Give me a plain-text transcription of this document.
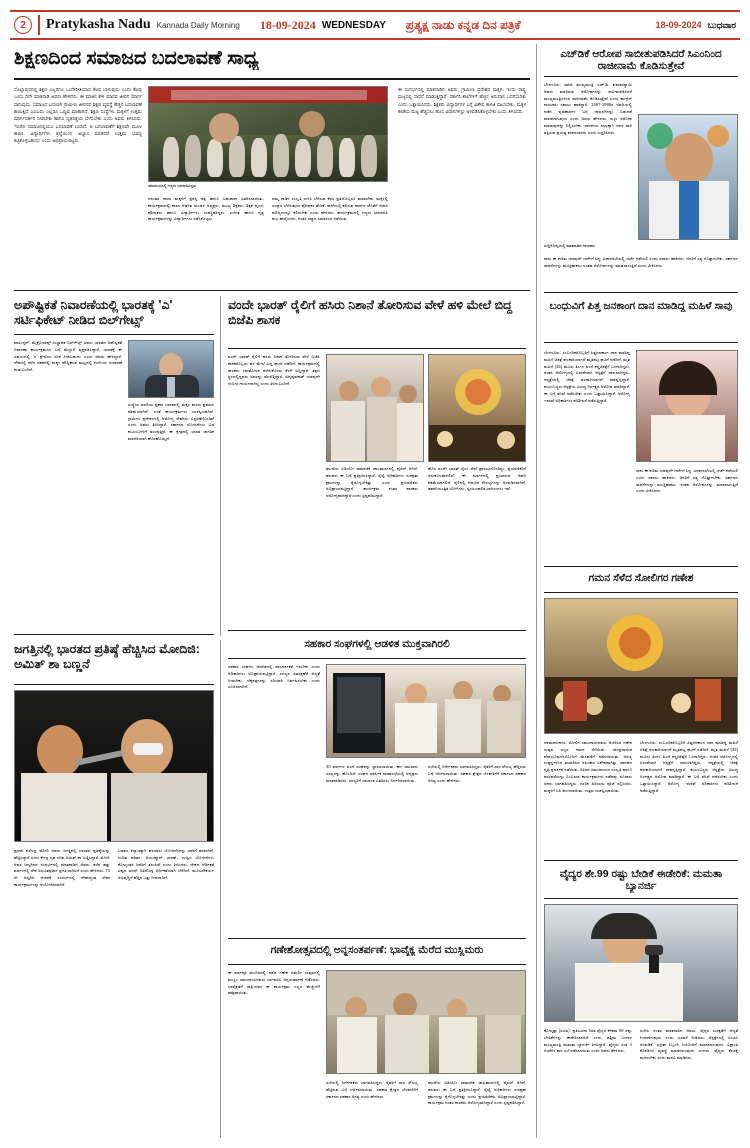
2	Pratykasha Nadu Kannada Daily Morning 18-09-2024 WEDNESDAY ಪ್ರತ್ಯಕ್ಷ ನಾಡು ಕನ್ನಡ ದಿನ ಪತ್ರಿಕೆ	18-09-2024 ಬುಧವಾರ
ಶಿಕ್ಷಣದಿಂದ ಸಮಾಜದ ಬದಲಾವಣೆ ಸಾಧ್ಯ
ಸೊಲ್ಲಾಪುರದಲ್ಲಿ ಶಿಕ್ಷಣ ಎಲ್ಲರಿಗೂ ಒಂದೇರೀತಿಯಾದ ಕೆಲವ ಬಾಳುವುದು ಎಂದು ಕೆಲವು ಒಂದು ದಿನೇ ಮಾತನಾಡಿ ಅವರು ಹೇಳಿದರು. ಈ ಮಾತಿನ ಕೇಳಿ ಮಾನವ ಜೀವನ ಮಾರ್ಗ ಸಾಗುವುದು. ಸಮಾಜದ ಬದಲಾಗಿ ಗ್ರಾಮೀಣ ಜೀವನದ ಶಿಕ್ಷಣ ವ್ಯವಸ್ಥೆ ಹೆಚ್ಚಿನ ಬದಲಾವಣೆ ಕಾಣುತ್ತಿದೆ ಎಂಬುದು ಎಲ್ಲರೂ ಒಪ್ಪುವ ಮಾತಾಗಿದೆ. ಶಿಕ್ಷಣ ಸಂಸ್ಥೆಗಳು ಮಕ್ಕಳಿಗೆ ಉತ್ತಮ ಮಾರ್ಗದರ್ಶನ ನೀಡಬೇಕು ಹಾಗೂ ದೃಢನಿಶ್ಚಯ ಬೆಳೆಸಬೇಕು ಎಂದು ಅವರು ತಿಳಿಸಿದರು. 'ಇಂದಿನ ಸಮಾಜದಲ್ಲಿಯೂ ಬದಲಾವಣೆ ಬಂದಿದೆ. ಆ ಬದಲಾವಣೆಗೆ ಶಿಕ್ಷಣವೇ ಮೂಲ ಕಾರಣ. ವಿದ್ಯಾರ್ಥಿಗಳು ಶ್ರದ್ಧೆಯಿಂದ ಅಭ್ಯಾಸ ಮಾಡಿದರೆ ಉತ್ತಮ ಭವಿಷ್ಯ ಕಟ್ಟಿಕೊಳ್ಳಬಹುದು' ಎಂದು ಅಭಿಪ್ರಾಯಪಟ್ಟರು.
ಸಮಾರಂಭದಲ್ಲಿ ಗಣ್ಯರು ಭಾಗವಹಿಸಿದ್ದರು
ಆನಂತರ ಶಾಲಾ ಮಕ್ಕಳಿಗೆ ಪ್ರಶಸ್ತಿ ಪತ್ರ ಹಾಗೂ ಬಹುಮಾನ ವಿತರಿಸಲಾಯಿತು. ಕಾರ್ಯಕ್ರಮದಲ್ಲಿ ಶಾಲಾ ಆಡಳಿತ ಮಂಡಳಿ ಅಧ್ಯಕ್ಷರು, ಮುಖ್ಯ ಶಿಕ್ಷಕರು, ಶಿಕ್ಷಕ ವೃಂದ, ಪೋಷಕರು ಹಾಗೂ ವಿದ್ಯಾರ್ಥಿಗಳು ಉಪಸ್ಥಿತರಿದ್ದರು. ಸಂಗೀತ ಹಾಗೂ ನೃತ್ಯ ಕಾರ್ಯಕ್ರಮಗಳನ್ನು ವಿದ್ಯಾರ್ಥಿಗಳು ನಡೆಸಿಕೊಟ್ಟರು.
ನಮ್ಮ ನಾಡಿನ ಸಂಸ್ಕೃತಿ ಉಳಿಸಿ ಬೆಳೆಸುವ ಕೆಲಸ ಪ್ರತಿಯೊಬ್ಬರೂ ಮಾಡಬೇಕು. ಮಕ್ಕಳಲ್ಲಿ ಸಂಸ್ಕಾರ ಬೆಳೆಸುವುದು ಪೋಷಕರ ಹೊಣೆ. ಶಾಲೆಯಲ್ಲಿ ಕಲಿಸುವ ಪಾಠಗಳ ಜೊತೆಗೆ ಜೀವನ ಮೌಲ್ಯಗಳನ್ನೂ ಕಲಿಸಬೇಕು ಎಂದು ಹೇಳಿದರು. ಕಾರ್ಯಕ್ರಮದಲ್ಲಿ ಗಣ್ಯರು ಭಾಗವಹಿಸಿ ಶುಭ ಹಾರೈಸಿದರು. ನಂತರ ಸನ್ಮಾನ ಸಮಾರಂಭ ನಡೆಯಿತು.
ಈ ಸಂದರ್ಭದಲ್ಲಿ ಮಾತನಾಡಿದ ಅವರು, ಗ್ರಾಮೀಣ ಪ್ರದೇಶದ ಮಕ್ಕಳು ಇಂದು ರಾಷ್ಟ್ರ ಮಟ್ಟದಲ್ಲಿ ಸಾಧನೆ ಮಾಡುತ್ತಿದ್ದಾರೆ. ಸರ್ಕಾರಿ ಶಾಲೆಗಳಿಗೆ ಹೆಚ್ಚಿನ ಅನುದಾನ ಒದಗಿಸಬೇಕು ಎಂದು ಒತ್ತಾಯಿಸಿದರು. ಶಿಕ್ಷಕರು ವಿದ್ಯಾರ್ಥಿಗಳ ಬಗ್ಗೆ ವಿಶೇಷ ಕಾಳಜಿ ವಹಿಸಬೇಕು. ಮಕ್ಕಳ ಕಲಿಕೆಯ ಮಟ್ಟ ಹೆಚ್ಚಿಸಲು ಹೊಸ ವಿಧಾನಗಳನ್ನು ಅಳವಡಿಸಿಕೊಳ್ಳಬೇಕು ಎಂದು ತಿಳಿಸಿದರು.
ಅಪೌಷ್ಟಿಕತೆ ನಿವಾರಣೆಯಲ್ಲಿ ಭಾರತಕ್ಕೆ 'ಎ' ಸರ್ಟಿಫಿಕೇಟ್ ನೀಡಿದ ಬಿಲ್‌ಗೇಟ್ಸ್
ವಾಷಿಂಗ್ಟನ್: ಮೈಕ್ರೋಸಾಫ್ಟ್ ಸಂಸ್ಥಾಪಕ ಬಿಲ್‌ಗೇಟ್ಸ್ ಅವರು ಭಾರತದ ಅಪೌಷ್ಟಿಕತೆ ನಿವಾರಣಾ ಕಾರ್ಯಕ್ರಮಗಳ ಬಗ್ಗೆ ಮೆಚ್ಚುಗೆ ವ್ಯಕ್ತಪಡಿಸಿದ್ದಾರೆ. ಭಾರತಕ್ಕೆ ಈ ವಿಷಯದಲ್ಲಿ 'ಎ' ಶ್ರೇಣಿಯ ಅಂಕ ನೀಡಬಹುದು ಎಂದು ಅವರು ಹೇಳಿದ್ದಾರೆ. ದೇಶದಲ್ಲಿ ಕಳೆದ ದಶಕದಲ್ಲಿ ಮಕ್ಕಳ ಪೌಷ್ಟಿಕಾಂಶ ಮಟ್ಟದಲ್ಲಿ ಗಣನೀಯ ಸುಧಾರಣೆ ಕಂಡುಬಂದಿದೆ.
ಸಂಸ್ಥೆಯ ವರದಿಯ ಪ್ರಕಾರ ಭಾರತದಲ್ಲಿ ಮಕ್ಕಳ ಮರಣ ಪ್ರಮಾಣ ಕಡಿಮೆಯಾಗಿದೆ. ಲಸಿಕೆ ಕಾರ್ಯಕ್ರಮಗಳು ಯಶಸ್ವಿಯಾಗಿವೆ. ಗ್ರಾಮೀಣ ಪ್ರದೇಶಗಳಲ್ಲಿ ಆರೋಗ್ಯ ಸೇವೆಗಳು ವಿಸ್ತರಣೆಗೊಂಡಿವೆ ಎಂದು ಅವರು ತಿಳಿಸಿದ್ದಾರೆ. ಸರ್ಕಾರದ ಯೋಜನೆಗಳು ಬಡ ಕುಟುಂಬಗಳಿಗೆ ತಲುಪುತ್ತಿವೆ. ಈ ಕ್ಷೇತ್ರದಲ್ಲಿ ಭಾರತ ಜಾಗತಿಕ ಮಾದರಿಯಾಗಿ ಹೊರಹೊಮ್ಮಿದೆ.
ವಂದೇ ಭಾರತ್ ರೈಲಿಗೆ ಹಸಿರು ನಿಶಾನೆ ತೋರಿಸುವ ವೇಳೆ ಹಳಿ ಮೇಲೆ ಬಿದ್ದ ಬಿಜೆಪಿ ಶಾಸಕ
ವಂದೇ ಭಾರತ್ ರೈಲಿಗೆ ಹಸಿರು ನಿಶಾನೆ ತೋರಿಸುವ ವೇಳೆ ಬಿಜೆಪಿ ಶಾಸಕರೊಬ್ಬರು ಹಳಿ ಮೇಲೆ ಬಿದ್ದ ಘಟನೆ ನಡೆದಿದೆ. ಕಾರ್ಯಕ್ರಮದಲ್ಲಿ ಶಾಸಕರು ಸಮತೋಲನ ಕಳೆದುಕೊಂಡು ಕೆಳಗೆ ಬಿದ್ದಿದ್ದಾರೆ. ತಕ್ಷಣ ಸ್ಥಳದಲ್ಲಿದ್ದವರು ಅವರನ್ನು ಮೇಲೆತ್ತಿದ್ದಾರೆ. ಅದೃಷ್ಟವಶಾತ್ ಯಾವುದೇ ಗಂಭೀರ ಗಾಯಗಳಾಗಿಲ್ಲ ಎಂದು ತಿಳಿದುಬಂದಿದೆ.
ಘಟನೆಯ ವಿಡಿಯೋ ಸಾಮಾಜಿಕ ಜಾಲತಾಣಗಳಲ್ಲಿ ವೈರಲ್ ಆಗಿದೆ. ಹಲವರು ಈ ಬಗ್ಗೆ ಪ್ರತಿಕ್ರಿಯಿಸಿದ್ದಾರೆ. ರೈಲ್ವೆ ಅಧಿಕಾರಿಗಳು ಸುರಕ್ಷತಾ ಕ್ರಮಗಳನ್ನು ಕೈಗೊಳ್ಳಬೇಕಿತ್ತು ಎಂದು ಪ್ರಯಾಣಿಕರು ಅಭಿಪ್ರಾಯಪಟ್ಟಿದ್ದಾರೆ. ಕಾರ್ಯಕ್ರಮ ನಂತರ ಶಾಸಕರು ಆರೋಗ್ಯವಾಗಿದ್ದಾರೆ ಎಂದು ಸ್ಪಷ್ಟಪಡಿಸಿದ್ದಾರೆ.
ಹೊಸ ವಂದೇ ಭಾರತ್ ರೈಲು ಸೇವೆ ಪ್ರಾರಂಭಗೊಂಡಿದ್ದು, ಪ್ರಯಾಣಿಕರಿಗೆ ಅನುಕೂಲವಾಗಲಿದೆ. ಈ ಮಾರ್ಗದಲ್ಲಿ ಪ್ರಯಾಣದ ಅವಧಿ ಕಡಿಮೆಯಾಗಲಿದೆ. ರೈಲಿನಲ್ಲಿ ಆಧುನಿಕ ಸೌಲಭ್ಯಗಳನ್ನು ಅಳವಡಿಸಲಾಗಿದೆ. ಹವಾನಿಯಂತ್ರಿತ ಬೋಗಿಗಳು, ಸ್ವಯಂಚಾಲಿತ ಬಾಗಿಲುಗಳು ಇವೆ.
ಸಹಕಾರ ಸಂಘಗಳಲ್ಲಿ ಆಡಳಿತ ಮುಕ್ತವಾಗಿರಲಿ
ಸಹಕಾರ ಸಂಘಗಳ ಆಡಳಿತದಲ್ಲಿ ಪಾರದರ್ಶಕತೆ ಇರಬೇಕು ಎಂದು ಅಧಿಕಾರಿಗಳು ಅಭಿಪ್ರಾಯಪಟ್ಟಿದ್ದಾರೆ. ಸದಸ್ಯರ ಹಿತರಕ್ಷಣೆಗೆ ಆದ್ಯತೆ ನೀಡಬೇಕು. ಲೆಕ್ಕಪತ್ರಗಳನ್ನು ಸರಿಯಾಗಿ ನಿರ್ವಹಿಸಬೇಕು ಎಂದು ಸೂಚಿಸಲಾಗಿದೆ.
40 ವರ್ಷಗಳ ಹಿಂದೆ ಸಂಘವನ್ನು ಸ್ಥಾಪಿಸಲಾಯಿತು. ಈಗ ಸಾವಿರಾರು ಸದಸ್ಯರನ್ನು ಹೊಂದಿದೆ. ಸಂಘದ ವಾರ್ಷಿಕ ಮಹಾಸಭೆಯಲ್ಲಿ ಅಧ್ಯಕ್ಷರು ಮಾತನಾಡಿದರು. ಸದಸ್ಯರಿಗೆ ಲಾಭಾಂಶ ವಿತರಿಸಲು ನಿರ್ಧರಿಸಲಾಯಿತು.
ಸಭೆಯಲ್ಲಿ ನಿರ್ದೇಶಕರು ಭಾಗವಹಿಸಿದ್ದರು. ರೈತರಿಗೆ ಸಾಲ ಸೌಲಭ್ಯ ಹೆಚ್ಚಿಸುವ ಬಗ್ಗೆ ಚರ್ಚಿಸಲಾಯಿತು. ಸಹಕಾರ ಕ್ಷೇತ್ರದ ಬೆಳವಣಿಗೆಗೆ ಸರ್ಕಾರದ ಸಹಕಾರ ಅಗತ್ಯ ಎಂದು ಹೇಳಿದರು.
ಜಗತ್ತಿನಲ್ಲಿ ಭಾರತದ ಪ್ರತಿಷ್ಠೆ ಹೆಚ್ಚಿಸಿದ ಮೋದಿಜಿ: ಅಮಿತ್ ಶಾ ಬಣ್ಣನೆ
ಪ್ರಧಾನಿ ನರೇಂದ್ರ ಮೋದಿ ಅವರು ಜಗತ್ತಿನಲ್ಲಿ ಭಾರತದ ಪ್ರತಿಷ್ಠೆಯನ್ನು ಹೆಚ್ಚಿಸಿದ್ದಾರೆ ಎಂದು ಕೇಂದ್ರ ಗೃಹ ಸಚಿವ ಅಮಿತ್ ಶಾ ಬಣ್ಣಿಸಿದ್ದಾರೆ. ಮೋದಿ ಅವರ ಜನ್ಮದಿನದ ಸಂದರ್ಭದಲ್ಲಿ ಮಾತನಾಡಿದ ಅವರು, ಕಳೆದ ಹತ್ತು ವರ್ಷಗಳಲ್ಲಿ ದೇಶ ಅಭೂತಪೂರ್ವ ಪ್ರಗತಿ ಸಾಧಿಸಿದೆ ಎಂದು ಹೇಳಿದರು. 74 ನೇ ಜನ್ಮದಿನ ಆಚರಣೆ ಸಂದರ್ಭದಲ್ಲಿ ದೇಶಾದ್ಯಂತ ಸೇವಾ ಕಾರ್ಯಕ್ರಮಗಳನ್ನು ಆಯೋಜಿಸಲಾಗಿದೆ.
ಬಡವರ ಕಲ್ಯಾಣಕ್ಕಾಗಿ ಹಲವಾರು ಯೋಜನೆಗಳನ್ನು ಜಾರಿಗೆ ತರಲಾಗಿದೆ. ಉಚಿತ ಪಡಿತರ, ಆಯುಷ್ಮಾನ್ ಭಾರತ್, ಉಜ್ವಲ ಯೋಜನೆಗಳು ಕೋಟ್ಯಂತರ ಜನರಿಗೆ ತಲುಪಿವೆ ಎಂದು ತಿಳಿಸಿದರು. ದೇಶದ ಆರ್ಥಿಕತೆ ವಿಶ್ವದ ಐದನೇ ಅತಿದೊಡ್ಡ ಆರ್ಥಿಕತೆಯಾಗಿ ಬೆಳೆದಿದೆ. ಮೂಲಸೌಕರ್ಯ ಅಭಿವೃದ್ಧಿಗೆ ಹೆಚ್ಚಿನ ಒತ್ತು ನೀಡಲಾಗಿದೆ.
ಗಣೇಶೋತ್ಸವದಲ್ಲಿ ಅನ್ನಸಂತರ್ಪಣೆ: ಭಾವೈಕ್ಯ ಮೆರೆದ ಮುಸ್ಲಿಮರು
ಈ ವರ್ಷವೂ ಮಂದಿರದಲ್ಲಿ ನಡೆದ ಗಣೇಶ ಚತುರ್ಥಿ ಉತ್ಸವದಲ್ಲಿ ಮುಸ್ಲಿಂ ಸಮುದಾಯದವರು ಭಾಗವಹಿಸಿ ಅನ್ನಸಂತರ್ಪಣೆ ನಡೆಸಿದರು. ಭಾವೈಕ್ಯತೆಗೆ ಸಾಕ್ಷಿಯಾದ ಈ ಕಾರ್ಯಕ್ರಮ ಎಲ್ಲರ ಮೆಚ್ಚುಗೆಗೆ ಪಾತ್ರವಾಯಿತು.
ಸಭೆಯಲ್ಲಿ ನಿರ್ದೇಶಕರು ಭಾಗವಹಿಸಿದ್ದರು. ರೈತರಿಗೆ ಸಾಲ ಸೌಲಭ್ಯ ಹೆಚ್ಚಿಸುವ ಬಗ್ಗೆ ಚರ್ಚಿಸಲಾಯಿತು. ಸಹಕಾರ ಕ್ಷೇತ್ರದ ಬೆಳವಣಿಗೆಗೆ ಸರ್ಕಾರದ ಸಹಕಾರ ಅಗತ್ಯ ಎಂದು ಹೇಳಿದರು.
ಘಟನೆಯ ವಿಡಿಯೋ ಸಾಮಾಜಿಕ ಜಾಲತಾಣಗಳಲ್ಲಿ ವೈರಲ್ ಆಗಿದೆ. ಹಲವರು ಈ ಬಗ್ಗೆ ಪ್ರತಿಕ್ರಿಯಿಸಿದ್ದಾರೆ. ರೈಲ್ವೆ ಅಧಿಕಾರಿಗಳು ಸುರಕ್ಷತಾ ಕ್ರಮಗಳನ್ನು ಕೈಗೊಳ್ಳಬೇಕಿತ್ತು ಎಂದು ಪ್ರಯಾಣಿಕರು ಅಭಿಪ್ರಾಯಪಟ್ಟಿದ್ದಾರೆ. ಕಾರ್ಯಕ್ರಮ ನಂತರ ಶಾಸಕರು ಆರೋಗ್ಯವಾಗಿದ್ದಾರೆ ಎಂದು ಸ್ಪಷ್ಟಪಡಿಸಿದ್ದಾರೆ.
ಎಚ್‌ಡಿಕೆ ಆರೋಪ ಸಾಬೀತುಪಡಿಸಿದರೆ ಸಿಎಂನಿಂದ ರಾಜೀನಾಮೆ ಕೊಡಿಸುತ್ತೇವೆ
ಬೆಂಗಳೂರು: ಮಾಜಿ ಮುಖ್ಯಮಂತ್ರಿ ಎಚ್.ಡಿ. ಕುಮಾರಸ್ವಾಮಿ ಅವರು ಮಾಡಿರುವ ಆರೋಪಗಳನ್ನು ಸಾಬೀತುಪಡಿಸಿದರೆ ಮುಖ್ಯಮಂತ್ರಿಗಳಿಂದ ರಾಜೀನಾಮೆ ಕೊಡಿಸುತ್ತೇವೆ ಎಂದು ಕಾಂಗ್ರೆಸ್ ನಾಯಕರು ಸವಾಲು ಹಾಕಿದ್ದಾರೆ. 1997-1998ರ ಅವಧಿಯಲ್ಲಿ ನಡೆದ ವ್ಯವಹಾರಗಳ ಬಗ್ಗೆ ದಾಖಲೆಗಳನ್ನು ಬಿಡುಗಡೆ ಮಾಡಲಾಗುವುದು ಎಂದು ಅವರು ಹೇಳಿದರು. ಸುಳ್ಳು ಆರೋಪ ಮಾಡುವುದನ್ನು ನಿಲ್ಲಿಸಬೇಕು. ರಾಜಕೀಯ ಲಾಭಕ್ಕಾಗಿ ಜನರ ದಾರಿ ತಪ್ಪಿಸುವ ಪ್ರಯತ್ನ ಮಾಡಬಾರದು ಎಂದು ಎಚ್ಚರಿಸಿದರು.
ಸುದ್ದಿಗೋಷ್ಠಿಯಲ್ಲಿ ಮಾತನಾಡಿದ ನಾಯಕರು
ನಾನು ಈ ಕುರಿತು ಯಾವುದೇ ಚರ್ಚೆಗೆ ಸಿದ್ಧ. ವಿಧಾನಸಭೆಯಲ್ಲಿ ಚರ್ಚೆ ನಡೆಯಲಿ ಎಂದು ಸವಾಲು ಹಾಕಿದರು. ಜನರಿಗೆ ಸತ್ಯ ಗೊತ್ತಾಗಬೇಕು. ಸರ್ಕಾರದ ಸಾಧನೆಗಳನ್ನು ಮುಚ್ಚಿಹಾಕಲು ಇಂತಹ ಆರೋಪಗಳನ್ನು ಮಾಡಲಾಗುತ್ತಿದೆ ಎಂದು ಟೀಕಿಸಿದರು.
ಬಂಧುವಿಗೆ ಪಿತ್ತ ಜನಕಾಂಗ ದಾನ ಮಾಡಿದ್ದ ಮಹಿಳೆ ಸಾವು
ಬೆಂಗಳೂರು: ಸಂಬಂಧಿಕರೊಬ್ಬರಿಗೆ ಪಿತ್ತಜನಕಾಂಗ ದಾನ ಮಾಡಿದ್ದ ಮಹಿಳೆ ಚಿಕಿತ್ಸೆ ಫಲಕಾರಿಯಾಗದೆ ಮೃತಪಟ್ಟ ಘಟನೆ ನಡೆದಿದೆ. ಮೃತ ಮಹಿಳೆ (35) ಮೂರು ತಿಂಗಳ ಹಿಂದೆ ಶಸ್ತ್ರಚಿಕಿತ್ಸೆಗೆ ಒಳಗಾಗಿದ್ದರು. ನಂತರ ಆರೋಗ್ಯದಲ್ಲಿ ಏರುಪೇರಾಗಿ ಆಸ್ಪತ್ರೆಗೆ ದಾಖಲಾಗಿದ್ದರು. ಆಸ್ಪತ್ರೆಯಲ್ಲಿ ಚಿಕಿತ್ಸೆ ಫಲಕಾರಿಯಾಗದೆ ಸಾವನ್ನಪ್ಪಿದ್ದಾರೆ. ಕುಟುಂಬಸ್ಥರು ಆಸ್ಪತ್ರೆಯ ವಿರುದ್ಧ ನಿರ್ಲಕ್ಷ್ಯದ ಆರೋಪ ಮಾಡಿದ್ದಾರೆ. ಈ ಬಗ್ಗೆ ತನಿಖೆ ನಡೆಸಬೇಕು ಎಂದು ಒತ್ತಾಯಿಸಿದ್ದಾರೆ. ಆರೋಗ್ಯ ಇಲಾಖೆ ಅಧಿಕಾರಿಗಳು ಪರಿಶೀಲನೆ ನಡೆಸುತ್ತಿದ್ದಾರೆ.
ನಾನು ಈ ಕುರಿತು ಯಾವುದೇ ಚರ್ಚೆಗೆ ಸಿದ್ಧ. ವಿಧಾನಸಭೆಯಲ್ಲಿ ಚರ್ಚೆ ನಡೆಯಲಿ ಎಂದು ಸವಾಲು ಹಾಕಿದರು. ಜನರಿಗೆ ಸತ್ಯ ಗೊತ್ತಾಗಬೇಕು. ಸರ್ಕಾರದ ಸಾಧನೆಗಳನ್ನು ಮುಚ್ಚಿಹಾಕಲು ಇಂತಹ ಆರೋಪಗಳನ್ನು ಮಾಡಲಾಗುತ್ತಿದೆ ಎಂದು ಟೀಕಿಸಿದರು.
ಗಮನ ಸೆಳೆದ ಸೋಲಿಗರ ಗಣೇಶ
ಚಾಮರಾಜನಗರ: ಸೋಲಿಗ ಸಮುದಾಯದವರು ಆಚರಿಸಿದ ಗಣೇಶ ಉತ್ಸವ ಎಲ್ಲರ ಗಮನ ಸೆಳೆಯಿತು. ಸಾಂಪ್ರದಾಯಿಕ ವೇಷಭೂಷಣಗಳೊಂದಿಗೆ ಮೆರವಣಿಗೆ ನಡೆಸಲಾಯಿತು. ಅರಣ್ಯ ಉತ್ಪನ್ನಗಳಿಂದ ತಯಾರಿಸಿದ ಅಲಂಕಾರ ವಿಶೇಷವಾಗಿತ್ತು. ಜಾನಪದ ನೃತ್ಯ ಪ್ರದರ್ಶನ ನಡೆಯಿತು. ಗಿರಿಜನ ಸಮುದಾಯದ ಸಂಸ್ಕೃತಿ ಹಾಗೂ ಪರಂಪರೆಯನ್ನು ಬಿಂಬಿಸುವ ಕಾರ್ಯಕ್ರಮಗಳು ನಡೆದವು. ನೂರಾರು ಜನರು ಭಾಗವಹಿಸಿದ್ದರು. ಊರಿನ ಹಿರಿಯರು ಪೂಜೆ ಸಲ್ಲಿಸಿದರು. ಮಕ್ಕಳಿಗೆ ಸಿಹಿ ಹಂಚಲಾಯಿತು. ಉತ್ಸವ ಯಶಸ್ವಿಯಾಯಿತು.
ಬೆಂಗಳೂರು: ಸಂಬಂಧಿಕರೊಬ್ಬರಿಗೆ ಪಿತ್ತಜನಕಾಂಗ ದಾನ ಮಾಡಿದ್ದ ಮಹಿಳೆ ಚಿಕಿತ್ಸೆ ಫಲಕಾರಿಯಾಗದೆ ಮೃತಪಟ್ಟ ಘಟನೆ ನಡೆದಿದೆ. ಮೃತ ಮಹಿಳೆ (35) ಮೂರು ತಿಂಗಳ ಹಿಂದೆ ಶಸ್ತ್ರಚಿಕಿತ್ಸೆಗೆ ಒಳಗಾಗಿದ್ದರು. ನಂತರ ಆರೋಗ್ಯದಲ್ಲಿ ಏರುಪೇರಾಗಿ ಆಸ್ಪತ್ರೆಗೆ ದಾಖಲಾಗಿದ್ದರು. ಆಸ್ಪತ್ರೆಯಲ್ಲಿ ಚಿಕಿತ್ಸೆ ಫಲಕಾರಿಯಾಗದೆ ಸಾವನ್ನಪ್ಪಿದ್ದಾರೆ. ಕುಟುಂಬಸ್ಥರು ಆಸ್ಪತ್ರೆಯ ವಿರುದ್ಧ ನಿರ್ಲಕ್ಷ್ಯದ ಆರೋಪ ಮಾಡಿದ್ದಾರೆ. ಈ ಬಗ್ಗೆ ತನಿಖೆ ನಡೆಸಬೇಕು ಎಂದು ಒತ್ತಾಯಿಸಿದ್ದಾರೆ. ಆರೋಗ್ಯ ಇಲಾಖೆ ಅಧಿಕಾರಿಗಳು ಪರಿಶೀಲನೆ ನಡೆಸುತ್ತಿದ್ದಾರೆ.
ವೈದ್ಯರ ಶೇ.99 ರಷ್ಟು ಬೇಡಿಕೆ ಈಡೇರಿಕೆ: ಮಮತಾ ಬ್ಯಾನರ್ಜಿ
ಕೋಲ್ಕತ್ತಾ (ಪಿಟಿಐ): ಪ್ರತಿಭಟನಾ ನಿರತ ವೈದ್ಯರ ಶೇಕಡಾ 99 ರಷ್ಟು ಬೇಡಿಕೆಗಳನ್ನು ಈಡೇರಿಸಲಾಗಿದೆ ಎಂದು ಪಶ್ಚಿಮ ಬಂಗಾಳ ಮುಖ್ಯಮಂತ್ರಿ ಮಮತಾ ಬ್ಯಾನರ್ಜಿ ತಿಳಿಸಿದ್ದಾರೆ. ವೈದ್ಯರು ಸಂತ 4 ಗಂಟೆಗಳ ಕಾಲ ಸಭೆ ನಡೆಸಲಾಯಿತು ಎಂದು ಅವರು ಹೇಳಿದರು.
ಸಭೆಯ ನಂತರ ಮಾತನಾಡಿದ ಅವರು, ವೈದ್ಯರ ಸುರಕ್ಷತೆಗೆ ಆದ್ಯತೆ ನೀಡಲಾಗುವುದು ಎಂದು ಭರವಸೆ ನೀಡಿದರು. ಆಸ್ಪತ್ರೆಗಳಲ್ಲಿ ಸಿಸಿಟಿವಿ ಅಳವಡಿಕೆ, ಭದ್ರತಾ ಸಿಬ್ಬಂದಿ ನಿಯೋಜನೆ ಮಾಡಲಾಗುವುದು. ವಿಶ್ರಾಂತಿ ಕೊಠಡಿಗಳ ವ್ಯವಸ್ಥೆ ಮಾಡಲಾಗುವುದು ಎಂದರು. ವೈದ್ಯರು ಕೆಲಸಕ್ಕೆ ಮರಳಬೇಕು ಎಂದು ಮನವಿ ಮಾಡಿದರು.
